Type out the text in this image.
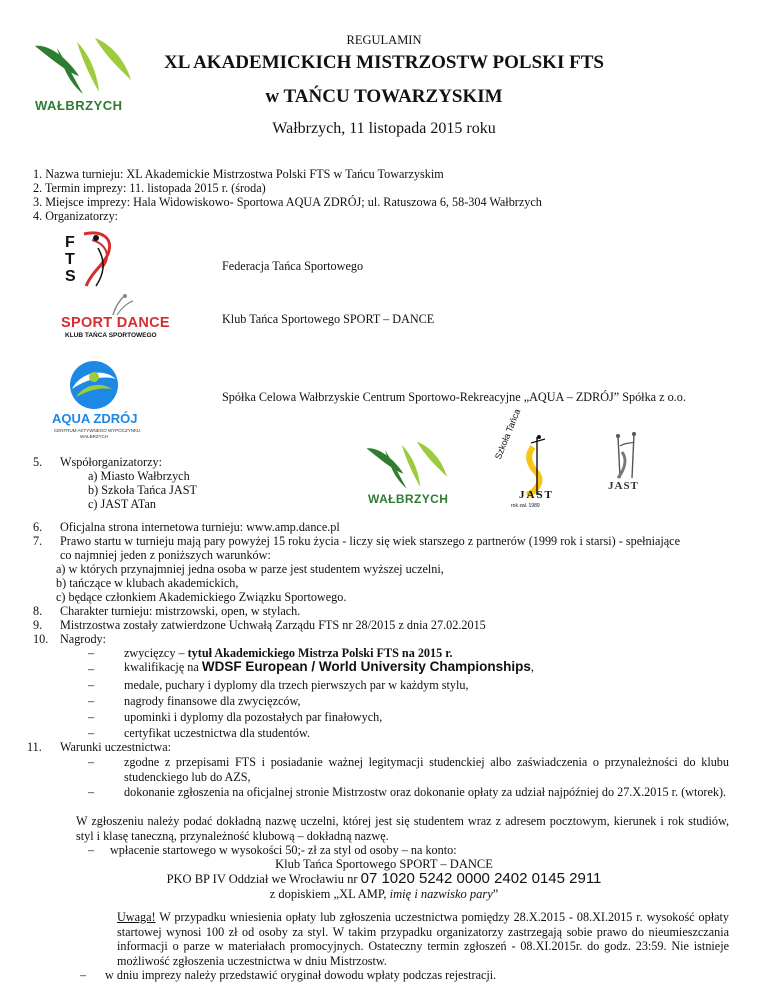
REGULAMIN
XL AKADEMICKICH MISTRZOSTW POLSKI FTS
w TAŃCU TOWARZYSKIM
Wałbrzych, 11 listopada 2015 roku
WAŁBRZYCH
1. Nazwa turnieju: XL Akademickie Mistrzostwa Polski FTS w Tańcu Towarzyskim
2. Termin imprezy: 11. listopada 2015 r. (środa)
3. Miejsce imprezy: Hala Widowiskowo- Sportowa AQUA ZDRÓJ; ul. Ratuszowa 6, 58-304 Wałbrzych
4. Organizatorzy:
F
T
S
Federacja Tańca Sportowego
SPORT DANCE
KLUB TAŃCA SPORTOWEGO
Klub Tańca Sportowego SPORT – DANCE
AQUA ZDRÓJ
CENTRUM AKTYWNEGO WYPOCZYNKU
WAŁBRZYCH
Spółka Celowa Wałbrzyskie Centrum Sportowo-Rekreacyjne „AQUA – ZDRÓJ” Spółka z o.o.
5. Współorganizatorzy:
a) Miasto Wałbrzych
b) Szkoła Tańca JAST
c) JAST ATan	WAŁBRZYCH
Szkoła Tańca
JAST
rok zał. 1989
JAST
6. Oficjalna strona internetowa turnieju: www.amp.dance.pl
7. Prawo startu w turnieju mają pary powyżej 15 roku życia - liczy się wiek starszego z partnerów (1999 rok i starsi) - spełniające
co najmniej jeden z poniższych warunków:
a) w których przynajmniej jedna osoba w parze jest studentem wyższej uczelni,
b) tańczące w klubach akademickich,
c) będące członkiem Akademickiego Związku Sportowego.
8. Charakter turnieju: mistrzowski, open, w stylach.
9. Mistrzostwa zostały zatwierdzone Uchwałą Zarządu FTS nr 28/2015 z dnia 27.02.2015
10. Nagrody:
– zwycięzcy – tytuł Akademickiego Mistrza Polski FTS na 2015 r.
– kwalifikację na WDSF European / World University Championships,
– medale, puchary i dyplomy dla trzech pierwszych par w każdym stylu,
– nagrody finansowe dla zwycięzców,
– upominki i dyplomy dla pozostałych par finałowych,
– certyfikat uczestnictwa dla studentów.
11. Warunki uczestnictwa:
– zgodne z przepisami FTS i posiadanie ważnej legitymacji studenckiej albo zaświadczenia o przynależności do klubu studenckiego lub do AZS,
– dokonanie zgłoszenia na oficjalnej stronie Mistrzostw oraz dokonanie opłaty za udział najpóźniej do 27.X.2015 r. (wtorek).
W zgłoszeniu należy podać dokładną nazwę uczelni, której jest się studentem wraz z adresem pocztowym, kierunek i rok studiów, styl i klasę taneczną, przynależność klubową – dokładną nazwę.
– wpłacenie startowego w wysokości 50;- zł za styl od osoby – na konto:
Klub Tańca Sportowego SPORT – DANCE
PKO BP IV Oddział we Wrocławiu nr 07 1020 5242 0000 2402 0145 2911
z dopiskiem „XL AMP, imię i nazwisko pary”
Uwaga! W przypadku wniesienia opłaty lub zgłoszenia uczestnictwa pomiędzy 28.X.2015 - 08.XI.2015 r. wysokość opłaty startowej wynosi 100 zł od osoby za styl. W takim przypadku organizatorzy zastrzegają sobie prawo do nieumieszczania informacji o parze w materiałach promocyjnych. Ostateczny termin zgłoszeń - 08.XI.2015r. do godz. 23:59. Nie istnieje możliwość zgłoszenia uczestnictwa w dniu Mistrzostw.
– w dniu imprezy należy przedstawić oryginał dowodu wpłaty podczas rejestracji.
